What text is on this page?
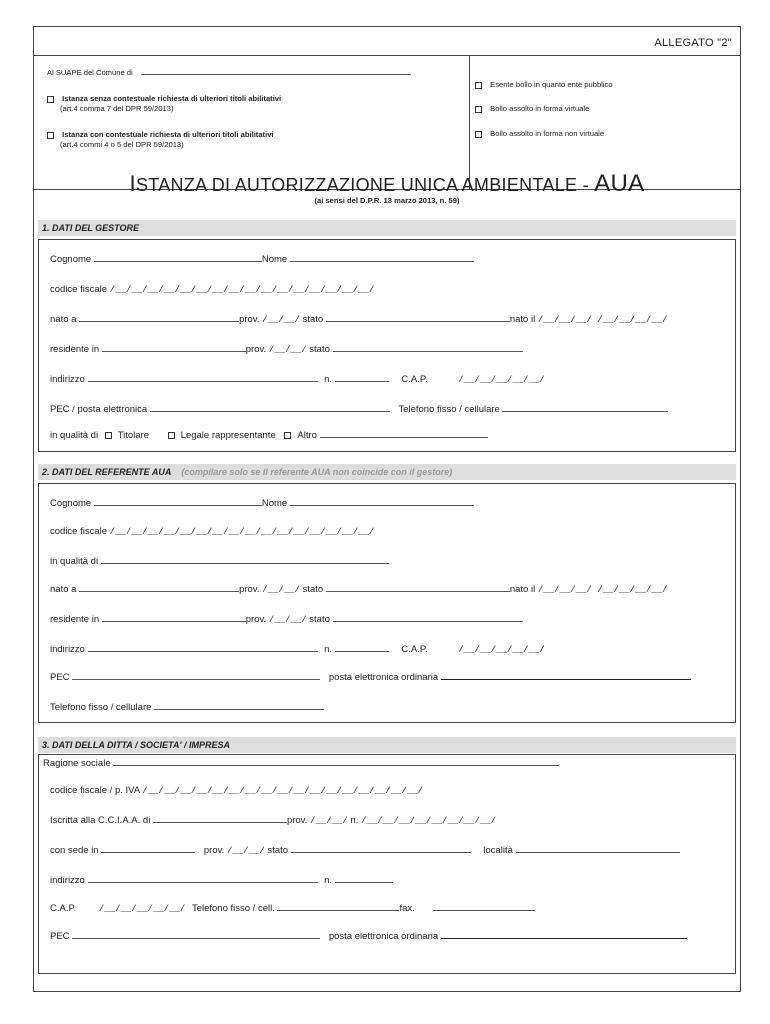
ALLEGATO "2"
Al SUAPE del Comune di
Istanza senza contestuale richiesta di ulteriori titoli abilitativi
(art.4 comma 7 del DPR 59/2013)
Istanza con contestuale richiesta di ulteriori titoli abilitativi
(art.4 commi 4 o 5 del DPR 59/2013)
Esente bollo in quanto ente pubblico
Bollo assolto in forma virtuale
Bollo assolto in forma non virtuale
ISTANZA DI AUTORIZZAZIONE UNICA AMBIENTALE - AUA
(ai sensi del D.P.R. 13 marzo 2013, n. 59)
1. DATI DEL GESTORE
Cognome	Nome
codice fiscale /__/__/__/__/__/__/__/__/__/__/__/__/__/__/__/__/
nato a	prov. /__/__/ stato	nato il /__/__/__/ /__/__/__/__/
residente in	prov. /__/__/ stato
indirizzo	n.	C.A.P.	/__/__/__/__/__/
PEC / posta elettronica	Telefono fisso / cellulare
in qualità di Titolare	Legale rappresentante Altro
2. DATI DEL REFERENTE AUA (compilare solo se il referente AUA non coincide con il gestore)
Cognome	Nome
codice fiscale /__/__/__/__/__/__/__/__/__/__/__/__/__/__/__/__/
in qualità di
nato a	prov. /__/__/ stato	nato il /__/__/__/ /__/__/__/__/
residente in	prov. /__/__/ stato
indirizzo	n.	C.A.P.	/__/__/__/__/__/
PEC	posta elettronica ordinaria
Telefono fisso / cellulare
3. DATI DELLA DITTA / SOCIETA' / IMPRESA
Ragione sociale
codice fiscale / p. IVA /__/__/__/__/__/__/__/__/__/__/__/__/__/__/__/__/__/
Iscritta alla C.C.I.A.A. di	prov. /__/__/ n. /__/__/__/__/__/__/__/__/
con sede in	prov. /__/__/ stato	località
indirizzo	n.
C.A.P.	/__/__/__/__/__/ Telefono fisso / cell.	fax.
PEC	posta elettronica ordinaria
